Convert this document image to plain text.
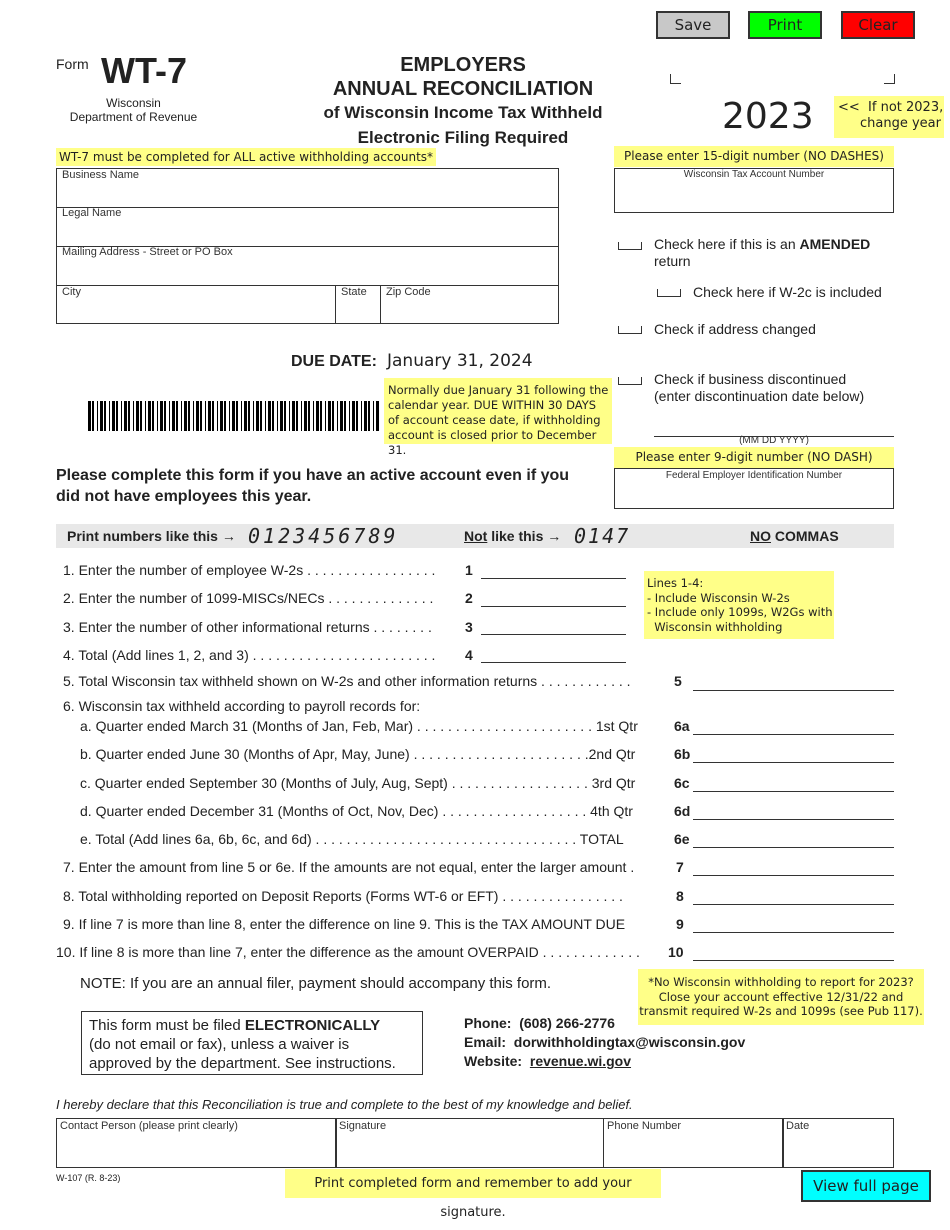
Save	Print	Clear
Form WT-7
Wisconsin
Department of Revenue
EMPLOYERS
ANNUAL RECONCILIATION
of Wisconsin Income Tax Withheld
Electronic Filing Required
2023 <<  If not 2023,
change year
WT-7 must be completed for ALL active withholding accounts*
Business Name
Legal Name
Mailing Address - Street or PO Box
City	State Zip Code
Please enter 15-digit number (NO DASHES)
Wisconsin Tax Account Number
Check here if this is an AMENDED
return
Check here if W-2c is included
Check if address changed
Check if business discontinued
(enter discontinuation date below)
(MM DD YYYY)
Please enter 9-digit number (NO DASH)
Federal Employer Identification Number
DUE DATE: January 31, 2024
Normally due January 31 following the
calendar year. DUE WITHIN 30 DAYS
of account cease date, if withholding
account is closed prior to December 31.
Please complete this form if you have an active account even if you
did not have employees this year.
Print numbers like this → 0123456789	Not like this → 0147	NO COMMAS
1. Enter the number of employee W-2s . . . . . . . . . . . . . . . . . 1
2. Enter the number of 1099-MISCs/NECs . . . . . . . . . . . . . . 2
3. Enter the number of other informational returns . . . . . . . . 3
4. Total (Add lines 1, 2, and 3) . . . . . . . . . . . . . . . . . . . . . . . . 4
Lines 1-4:
- Include Wisconsin W-2s
- Include only 1099s, W2Gs with
Wisconsin withholding
5. Total Wisconsin tax withheld shown on W-2s and other information returns . . . . . . . . . . . .	5
6. Wisconsin tax withheld according to payroll records for:
a. Quarter ended March 31 (Months of Jan, Feb, Mar) . . . . . . . . . . . . . . . . . . . . . . . 1st Qtr	6a
b. Quarter ended June 30 (Months of Apr, May, June) . . . . . . . . . . . . . . . . . . . . . . .2nd Qtr	6b
c. Quarter ended September 30 (Months of July, Aug, Sept) . . . . . . . . . . . . . . . . . . 3rd Qtr	6c
d. Quarter ended December 31 (Months of Oct, Nov, Dec) . . . . . . . . . . . . . . . . . . . 4th Qtr	6d
e. Total (Add lines 6a, 6b, 6c, and 6d) . . . . . . . . . . . . . . . . . . . . . . . . . . . . . . . . . . TOTAL	6e
7. Enter the amount from line 5 or 6e. If the amounts are not equal, enter the larger amount .	7
8. Total withholding reported on Deposit Reports (Forms WT-6 or EFT) . . . . . . . . . . . . . . . .	8
9. If line 7 is more than line 8, enter the difference on line 9. This is the TAX AMOUNT DUE	9
10. If line 8 is more than line 7, enter the difference as the amount OVERPAID . . . . . . . . . . . . . 10
NOTE: If you are an annual filer, payment should accompany this form.	*No Wisconsin withholding to report for 2023?
Close your account effective 12/31/22 and
transmit required W-2s and 1099s (see Pub 117).
This form must be filed ELECTRONICALLY
(do not email or fax), unless a waiver is
approved by the department. See instructions.
Phone: (608) 266-2776
Email: dorwithholdingtax@wisconsin.gov
Website: revenue.wi.gov
I hereby declare that this Reconciliation is true and complete to the best of my knowledge and belief.
Contact Person (please print clearly)	Signature	Phone Number	Date
W-107 (R. 8-23)	Print completed form and remember to add your signature.
View full page
